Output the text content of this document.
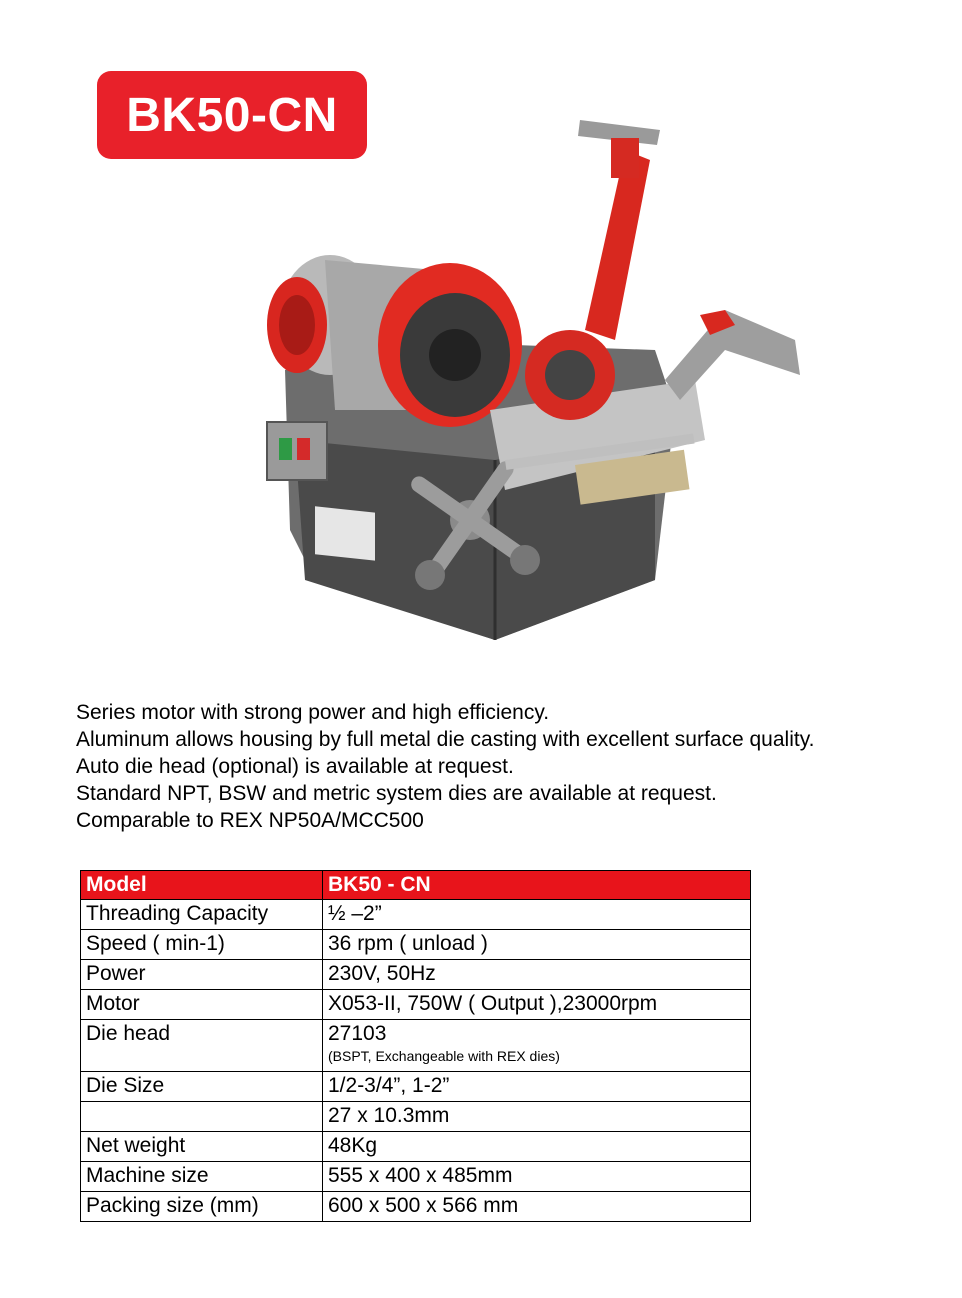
BK50-CN
Series motor with strong power and high efficiency.
Aluminum allows housing by full metal die casting with excellent surface quality.
Auto die head (optional) is available at request.
Standard NPT, BSW and metric system dies are available at request.
Comparable to REX NP50A/MCC500
Model	BK50 - CN
Threading Capacity	½ –2”
Speed ( min-1)	36 rpm ( unload )
Power	230V, 50Hz
Motor	X053-II, 750W ( Output ),23000rpm
Die head	27103
(BSPT, Exchangeable with REX dies)

Die Size	1/2-3/4”, 1-2”
	27 x 10.3mm
Net weight	48Kg
Machine size	555 x 400 x 485mm
Packing size (mm)	600 x 500 x 566 mm
